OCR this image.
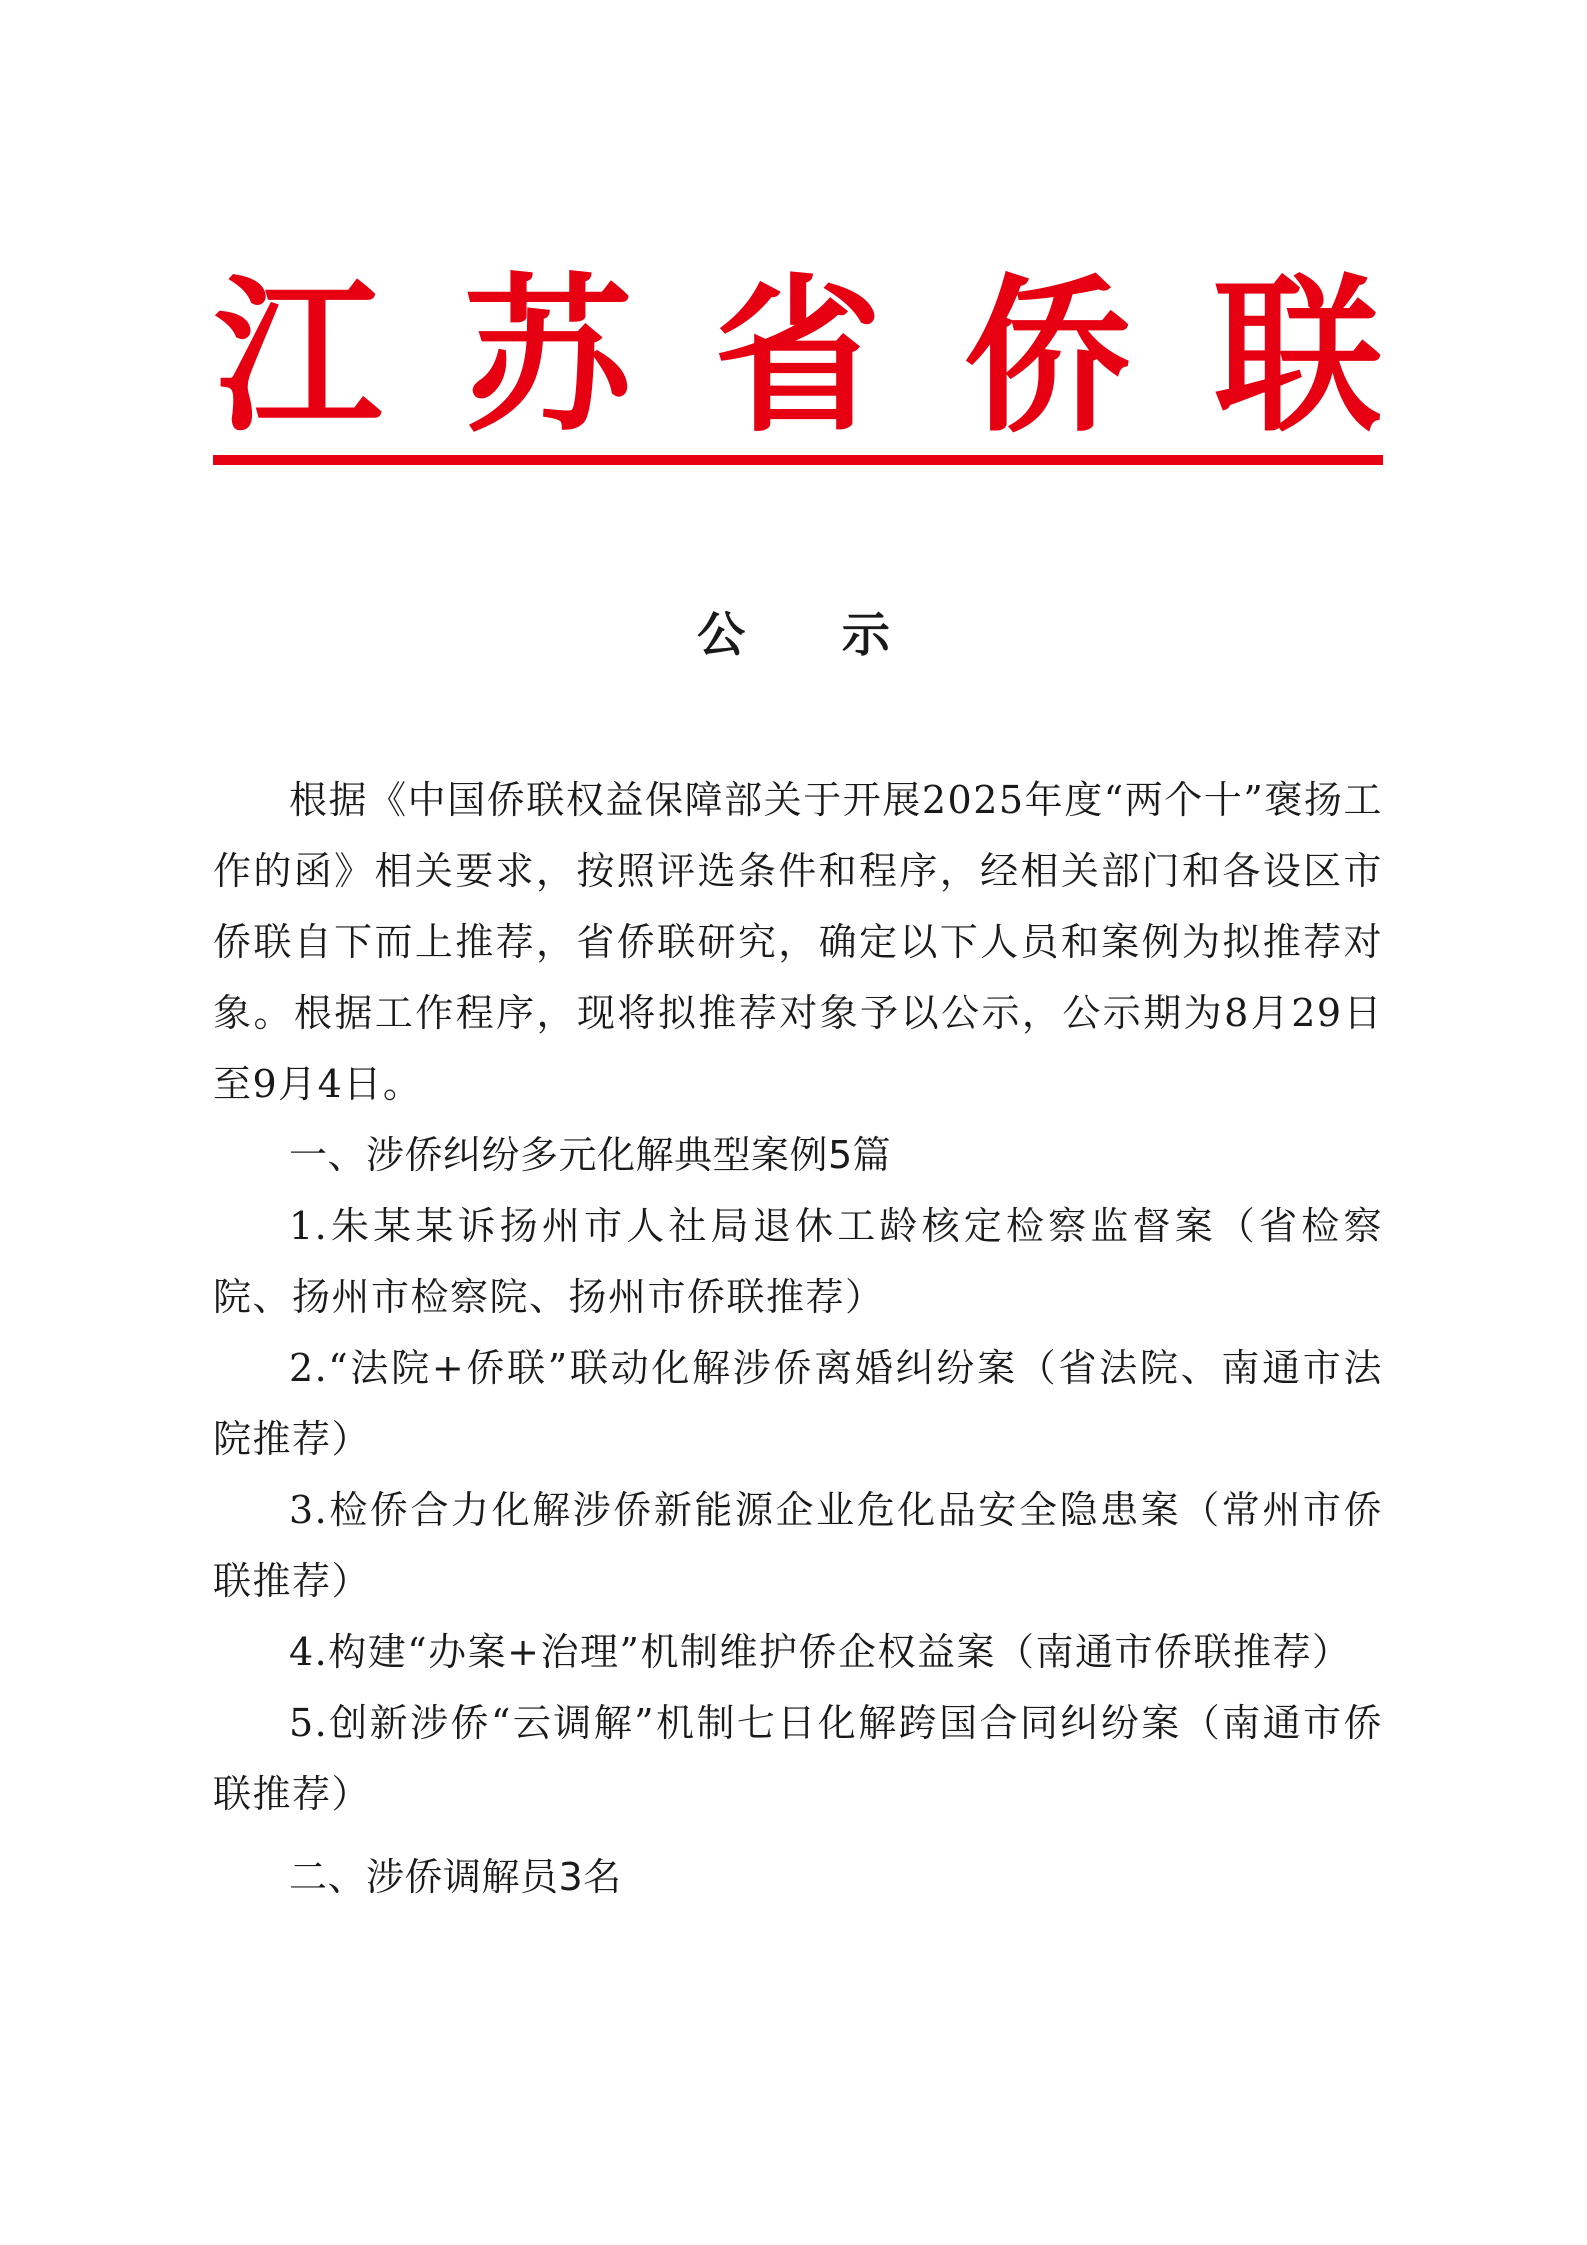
江 苏 省 侨 联
公 示

根据《中国侨联权益保障部关于开展2025年度“两个十”褒扬工作的函》相关要求，按照评选条件和程序，经相关部门和各设区市侨联自下而上推荐，省侨联研究，确定以下人员和案例为拟推荐对象。根据工作程序，现将拟推荐对象予以公示，公示期为8月29日至9月4日。

一、涉侨纠纷多元化解典型案例5篇

1.朱某某诉扬州市人社局退休工龄核定检察监督案（省检察院、扬州市检察院、扬州市侨联推荐）

2.“法院+侨联”联动化解涉侨离婚纠纷案（省法院、南通市法院推荐）

3.检侨合力化解涉侨新能源企业危化品安全隐患案（常州市侨联推荐）

4.构建“办案+治理”机制维护侨企权益案（南通市侨联推荐）

5.创新涉侨“云调解”机制七日化解跨国合同纠纷案（南通市侨联推荐）

二、涉侨调解员3名
